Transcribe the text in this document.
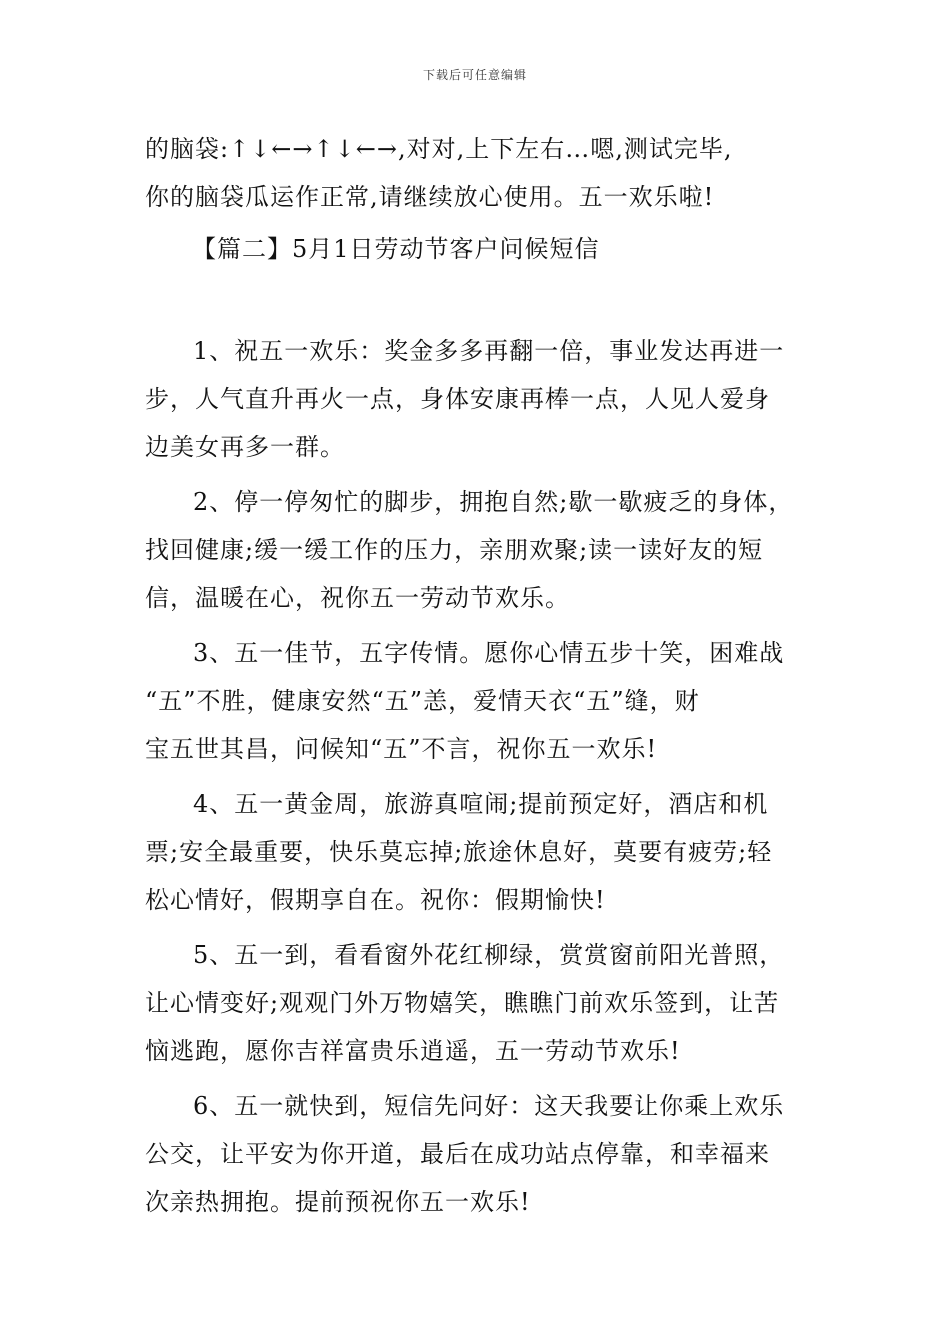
下载后可任意编辑
的脑袋:↑↓←→↑↓←→,对对,上下左右…嗯,测试完毕,
你的脑袋瓜运作正常,请继续放心使用。五一欢乐啦!
【篇二】5月1日劳动节客户问候短信
1、祝五一欢乐：奖金多多再翻一倍，事业发达再进一
步，人气直升再火一点，身体安康再棒一点，人见人爱身
边美女再多一群。
2、停一停匆忙的脚步，拥抱自然;歇一歇疲乏的身体，
找回健康;缓一缓工作的压力，亲朋欢聚;读一读好友的短
信，温暖在心，祝你五一劳动节欢乐。
3、五一佳节，五字传情。愿你心情五步十笑，困难战
“五”不胜，健康安然“五”恙，爱情天衣“五”缝，财
宝五世其昌，问候知“五”不言，祝你五一欢乐!
4、五一黄金周，旅游真喧闹;提前预定好，酒店和机
票;安全最重要，快乐莫忘掉;旅途休息好，莫要有疲劳;轻
松心情好，假期享自在。祝你：假期愉快!
5、五一到，看看窗外花红柳绿，赏赏窗前阳光普照，
让心情变好;观观门外万物嬉笑，瞧瞧门前欢乐签到，让苦
恼逃跑，愿你吉祥富贵乐逍遥，五一劳动节欢乐!
6、五一就快到，短信先问好：这天我要让你乘上欢乐
公交，让平安为你开道，最后在成功站点停靠，和幸福来
次亲热拥抱。提前预祝你五一欢乐!
